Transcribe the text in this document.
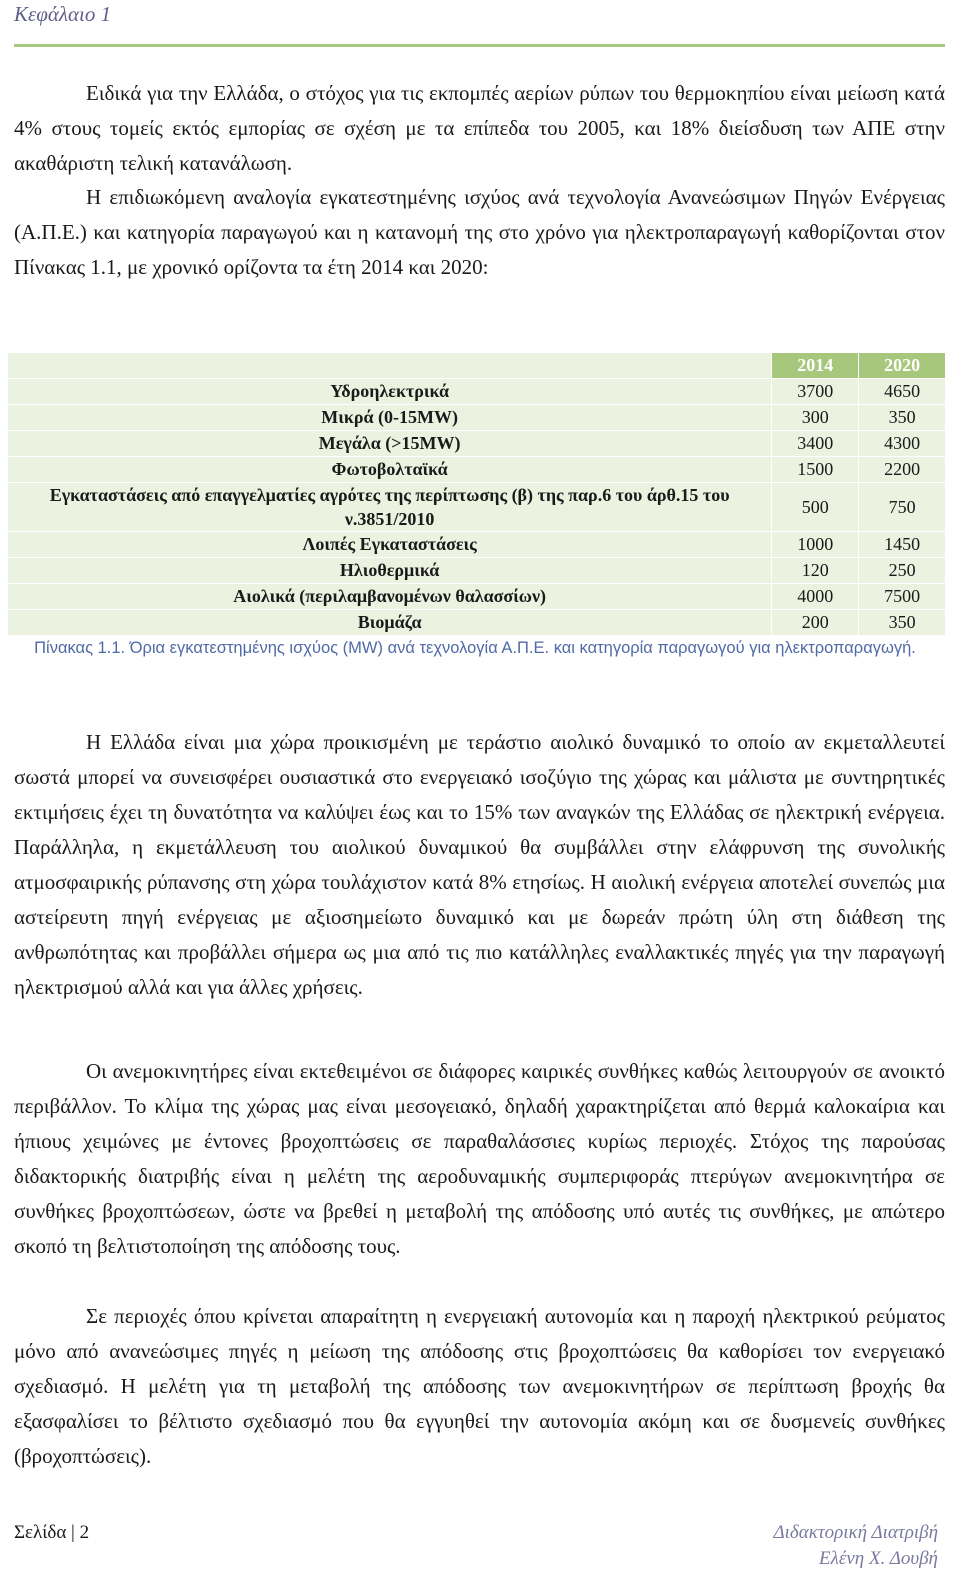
Κεφάλαιο 1

Ειδικά για την Ελλάδα, ο στόχος για τις εκπομπές αερίων ρύπων του θερμοκηπίου είναι μείωση κατά 4% στους τομείς εκτός εμπορίας σε σχέση με τα επίπεδα του 2005, και 18% διείσδυση των ΑΠΕ στην ακαθάριστη τελική κατανάλωση.

Η επιδιωκόμενη αναλογία εγκατεστημένης ισχύος ανά τεχνολογία Ανανεώσιμων Πηγών Ενέργειας (Α.Π.Ε.) και κατηγορία παραγωγού και η κατανομή της στο χρόνο για ηλεκτροπαραγωγή καθορίζονται στον Πίνακας 1.1, με χρονικό ορίζοντα τα έτη 2014 και 2020:

	2014	2020
Υδροηλεκτρικά	3700	4650
Μικρά (0-15MW)	300	350
Μεγάλα (>15MW)	3400	4300
Φωτοβολταϊκά	1500	2200
Εγκαταστάσεις από επαγγελματίες αγρότες της περίπτωσης (β) της παρ.6 του άρθ.15 του ν.3851/2010	500	750
Λοιπές Εγκαταστάσεις	1000	1450
Ηλιοθερμικά	120	250
Αιολικά (περιλαμβανομένων θαλασσίων)	4000	7500
Βιομάζα	200	350
Πίνακας 1.1. Όρια εγκατεστημένης ισχύος (MW) ανά τεχνολογία Α.Π.Ε. και κατηγορία παραγωγού για ηλεκτροπαραγωγή.

Η Ελλάδα είναι μια χώρα προικισμένη με τεράστιο αιολικό δυναμικό το οποίο αν εκμεταλλευτεί σωστά μπορεί να συνεισφέρει ουσιαστικά στο ενεργειακό ισοζύγιο της χώρας και μάλιστα με συντηρητικές εκτιμήσεις έχει τη δυνατότητα να καλύψει έως και το 15% των αναγκών της Ελλάδας σε ηλεκτρική ενέργεια. Παράλληλα, η εκμετάλλευση του αιολικού δυναμικού θα συμβάλλει στην ελάφρυνση της συνολικής ατμοσφαιρικής ρύπανσης στη χώρα τουλάχιστον κατά 8% ετησίως. Η αιολική ενέργεια αποτελεί συνεπώς μια αστείρευτη πηγή ενέργειας με αξιοσημείωτο δυναμικό και με δωρεάν πρώτη ύλη στη διάθεση της ανθρωπότητας και προβάλλει σήμερα ως μια από τις πιο κατάλληλες εναλλακτικές πηγές για την παραγωγή ηλεκτρισμού αλλά και για άλλες χρήσεις.

Οι ανεμοκινητήρες είναι εκτεθειμένοι σε διάφορες καιρικές συνθήκες καθώς λειτουργούν σε ανοικτό περιβάλλον. Το κλίμα της χώρας μας είναι μεσογειακό, δηλαδή χαρακτηρίζεται από θερμά καλοκαίρια και ήπιους χειμώνες με έντονες βροχοπτώσεις σε παραθαλάσσιες κυρίως περιοχές. Στόχος της παρούσας διδακτορικής διατριβής είναι η μελέτη της αεροδυναμικής συμπεριφοράς πτερύγων ανεμοκινητήρα σε συνθήκες βροχοπτώσεων, ώστε να βρεθεί η μεταβολή της απόδοσης υπό αυτές τις συνθήκες, με απώτερο σκοπό τη βελτιστοποίηση της απόδοσης τους.

Σε περιοχές όπου κρίνεται απαραίτητη η ενεργειακή αυτονομία και η παροχή ηλεκτρικού ρεύματος μόνο από ανανεώσιμες πηγές η μείωση της απόδοσης στις βροχοπτώσεις θα καθορίσει τον ενεργειακό σχεδιασμό. Η μελέτη για τη μεταβολή της απόδοσης των ανεμοκινητήρων σε περίπτωση βροχής θα εξασφαλίσει το βέλτιστο σχεδιασμό που θα εγγυηθεί την αυτονομία ακόμη και σε δυσμενείς συνθήκες (βροχοπτώσεις).

Σελίδα | 2	Διδακτορική Διατριβή
Ελένη Χ. Δουβή
